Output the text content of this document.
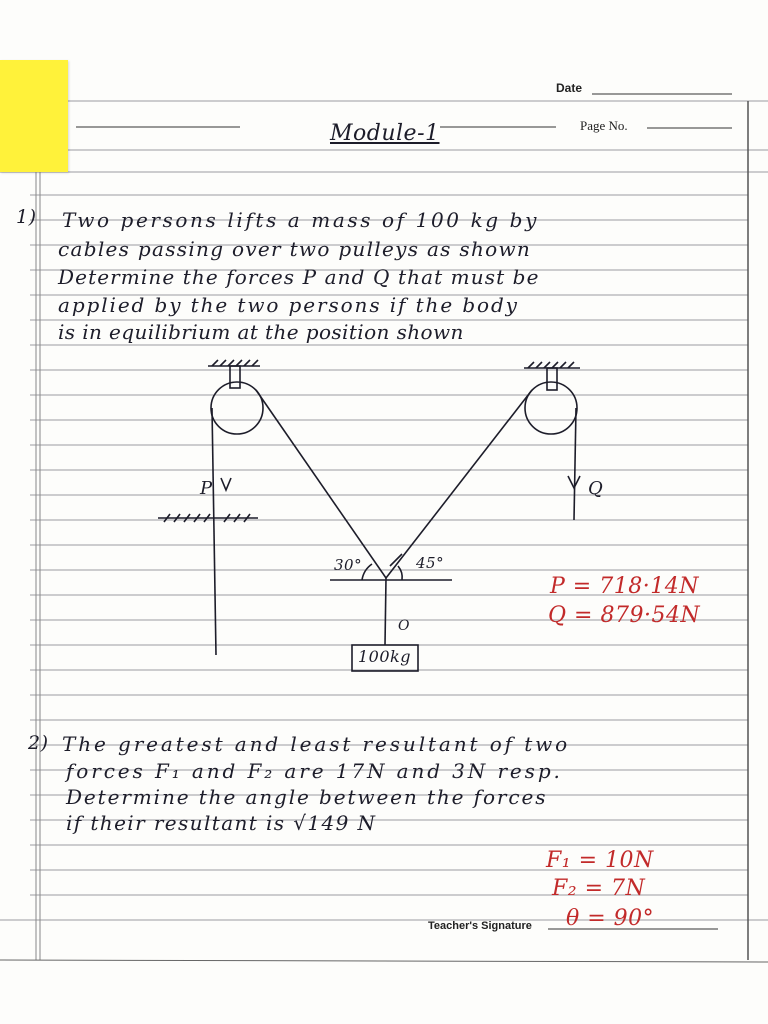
Date
Page No.
Module-1
1) Two persons lifts a mass of 100 kg by
cables passing over two pulleys as shown
Determine the forces P and Q that must be
applied by the two persons if the body
is in equilibrium at the position shown
P	Q
30°	45°
O
100kg
P = 718·14N
Q = 879·54N
2) The greatest and least resultant of two
forces F₁ and F₂ are 17N and 3N resp.
Determine the angle between the forces
if their resultant is √149 N
F₁ = 10N
F₂ = 7N
θ = 90°
Teacher's Signature
